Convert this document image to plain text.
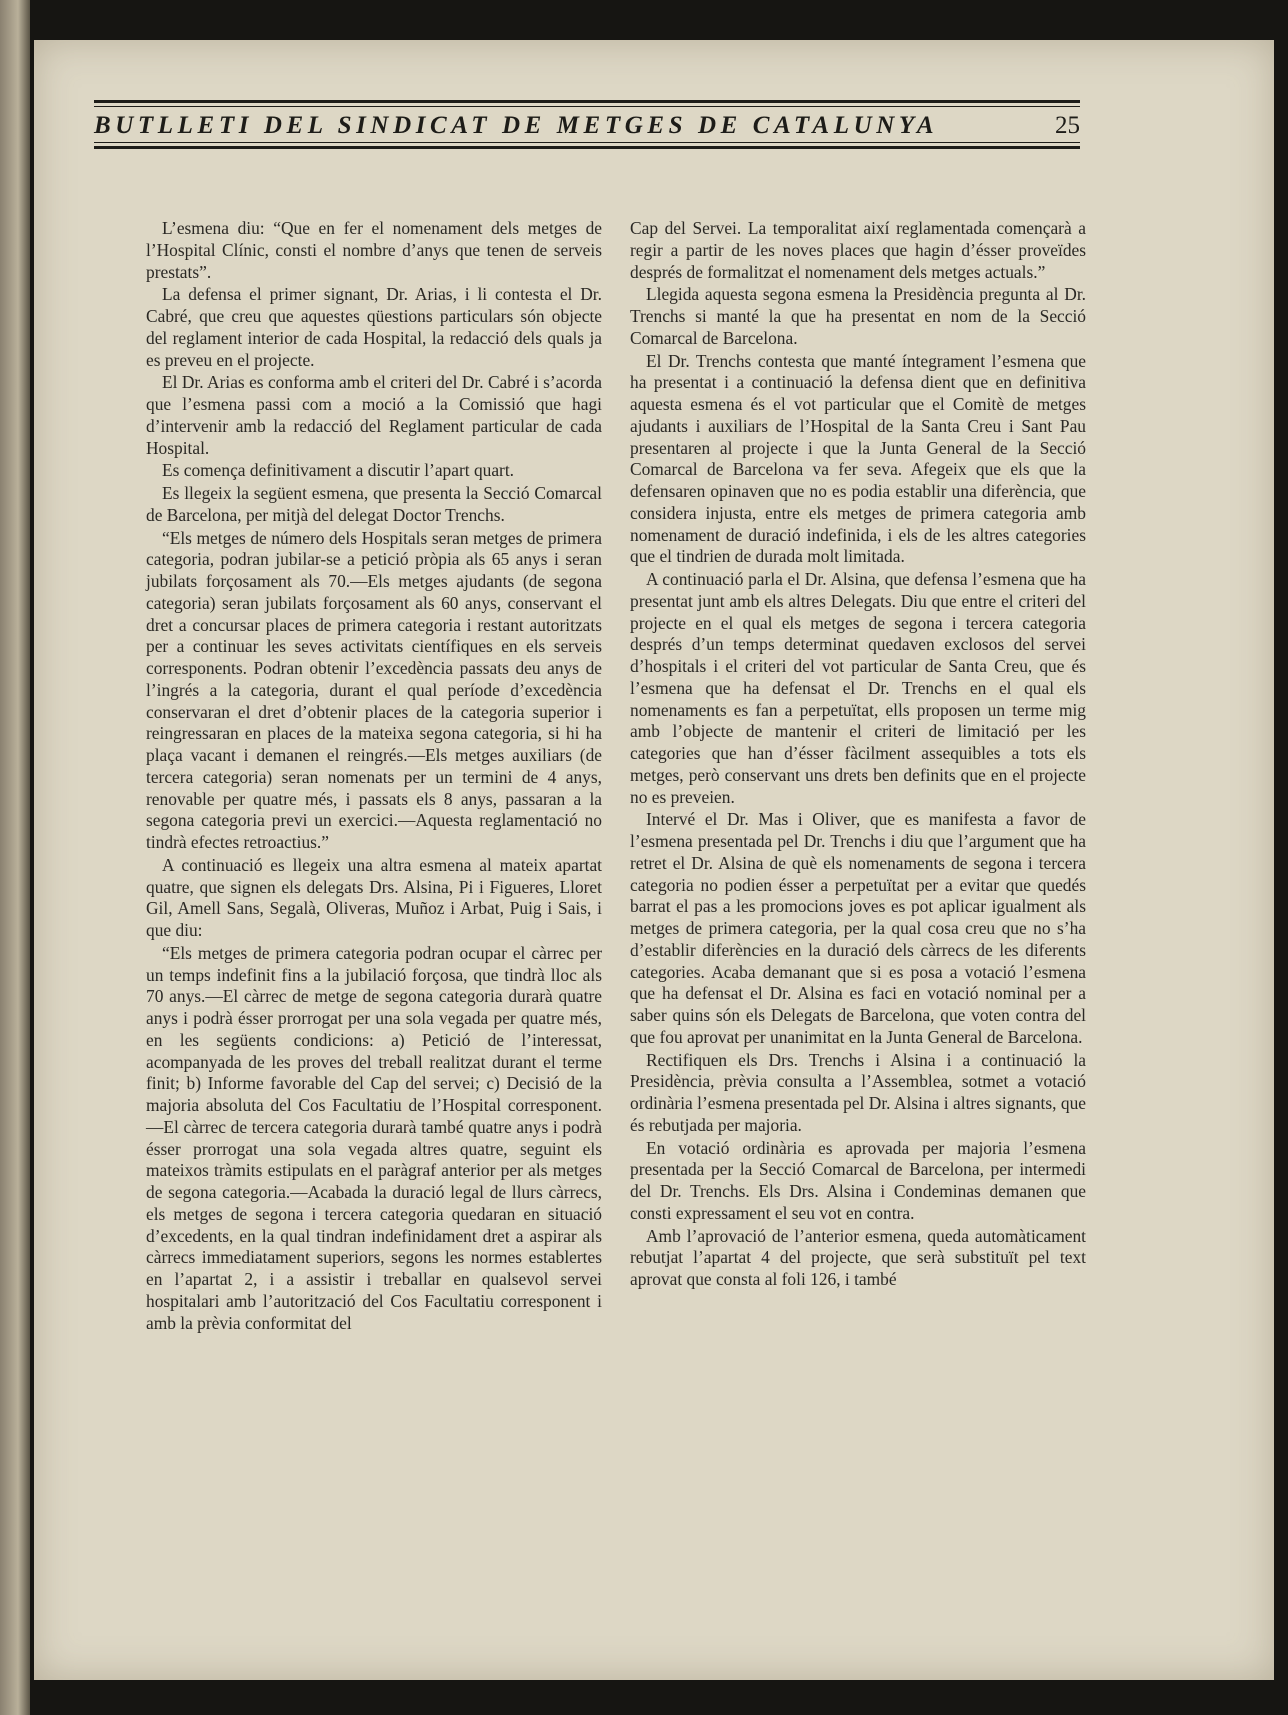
BUTLLETI DEL SINDICAT DE METGES DE CATALUNYA	25

L’esmena diu: “Que en fer el nomenament dels metges de l’Hospital Clínic, consti el nombre d’anys que tenen de serveis prestats”.

La defensa el primer signant, Dr. Arias, i li contesta el Dr. Cabré, que creu que aquestes qüestions particulars són objecte del reglament interior de cada Hospital, la redacció dels quals ja es preveu en el projecte.

El Dr. Arias es conforma amb el criteri del Dr. Cabré i s’acorda que l’esmena passi com a moció a la Comissió que hagi d’intervenir amb la redacció del Reglament particular de cada Hospital.

Es comença definitivament a discutir l’apart quart.

Es llegeix la següent esmena, que presenta la Secció Comarcal de Barcelona, per mitjà del delegat Doctor Trenchs.

“Els metges de número dels Hospitals seran metges de primera categoria, podran jubilar-se a petició pròpia als 65 anys i seran jubilats forçosament als 70.—Els metges ajudants (de segona categoria) seran jubilats forçosament als 60 anys, conservant el dret a concursar places de primera categoria i restant autoritzats per a continuar les seves activitats científiques en els serveis corresponents. Podran obtenir l’excedència passats deu anys de l’ingrés a la categoria, durant el qual període d’excedència conservaran el dret d’obtenir places de la categoria superior i reingressaran en places de la mateixa segona categoria, si hi ha plaça vacant i demanen el reingrés.—Els metges auxiliars (de tercera categoria) seran nomenats per un termini de 4 anys, renovable per quatre més, i passats els 8 anys, passaran a la segona categoria previ un exercici.—Aquesta reglamentació no tindrà efectes retroactius.”

A continuació es llegeix una altra esmena al mateix apartat quatre, que signen els delegats Drs. Alsina, Pi i Figueres, Lloret Gil, Amell Sans, Segalà, Oliveras, Muñoz i Arbat, Puig i Sais, i que diu:

“Els metges de primera categoria podran ocupar el càrrec per un temps indefinit fins a la jubilació forçosa, que tindrà lloc als 70 anys.—El càrrec de metge de segona categoria durarà quatre anys i podrà ésser prorrogat per una sola vegada per quatre més, en les següents condicions: a) Petició de l’interessat, acompanyada de les proves del treball realitzat durant el terme finit; b) Informe favorable del Cap del servei; c) Decisió de la majoria absoluta del Cos Facultatiu de l’Hospital corresponent.—El càrrec de tercera categoria durarà també quatre anys i podrà ésser prorrogat una sola vegada altres quatre, seguint els mateixos tràmits estipulats en el paràgraf anterior per als metges de segona categoria.—Acabada la duració legal de llurs càrrecs, els metges de segona i tercera categoria quedaran en situació d’excedents, en la qual tindran indefinidament dret a aspirar als càrrecs immediatament superiors, segons les normes establertes en l’apartat 2, i a assistir i treballar en qualsevol servei hospitalari amb l’autorització del Cos Facultatiu corresponent i amb la prèvia conformitat del

Cap del Servei. La temporalitat així reglamentada començarà a regir a partir de les noves places que hagin d’ésser proveïdes després de formalitzat el nomenament dels metges actuals.”

Llegida aquesta segona esmena la Presidència pregunta al Dr. Trenchs si manté la que ha presentat en nom de la Secció Comarcal de Barcelona.

El Dr. Trenchs contesta que manté íntegrament l’esmena que ha presentat i a continuació la defensa dient que en definitiva aquesta esmena és el vot particular que el Comitè de metges ajudants i auxiliars de l’Hospital de la Santa Creu i Sant Pau presentaren al projecte i que la Junta General de la Secció Comarcal de Barcelona va fer seva. Afegeix que els que la defensaren opinaven que no es podia establir una diferència, que considera injusta, entre els metges de primera categoria amb nomenament de duració indefinida, i els de les altres categories que el tindrien de durada molt limitada.

A continuació parla el Dr. Alsina, que defensa l’esmena que ha presentat junt amb els altres Delegats. Diu que entre el criteri del projecte en el qual els metges de segona i tercera categoria després d’un temps determinat quedaven exclosos del servei d’hospitals i el criteri del vot particular de Santa Creu, que és l’esmena que ha defensat el Dr. Trenchs en el qual els nomenaments es fan a perpetuïtat, ells proposen un terme mig amb l’objecte de mantenir el criteri de limitació per les categories que han d’ésser fàcilment assequibles a tots els metges, però conservant uns drets ben definits que en el projecte no es preveien.

Intervé el Dr. Mas i Oliver, que es manifesta a favor de l’esmena presentada pel Dr. Trenchs i diu que l’argument que ha retret el Dr. Alsina de què els nomenaments de segona i tercera categoria no podien ésser a perpetuïtat per a evitar que quedés barrat el pas a les promocions joves es pot aplicar igualment als metges de primera categoria, per la qual cosa creu que no s’ha d’establir diferències en la duració dels càrrecs de les diferents categories. Acaba demanant que si es posa a votació l’esmena que ha defensat el Dr. Alsina es faci en votació nominal per a saber quins són els Delegats de Barcelona, que voten contra del que fou aprovat per unanimitat en la Junta General de Barcelona.

Rectifiquen els Drs. Trenchs i Alsina i a continuació la Presidència, prèvia consulta a l’Assemblea, sotmet a votació ordinària l’esmena presentada pel Dr. Alsina i altres signants, que és rebutjada per majoria.

En votació ordinària es aprovada per majoria l’esmena presentada per la Secció Comarcal de Barcelona, per intermedi del Dr. Trenchs. Els Drs. Alsina i Condeminas demanen que consti expressament el seu vot en contra.

Amb l’aprovació de l’anterior esmena, queda automàticament rebutjat l’apartat 4 del projecte, que serà substituït pel text aprovat que consta al foli 126, i també
